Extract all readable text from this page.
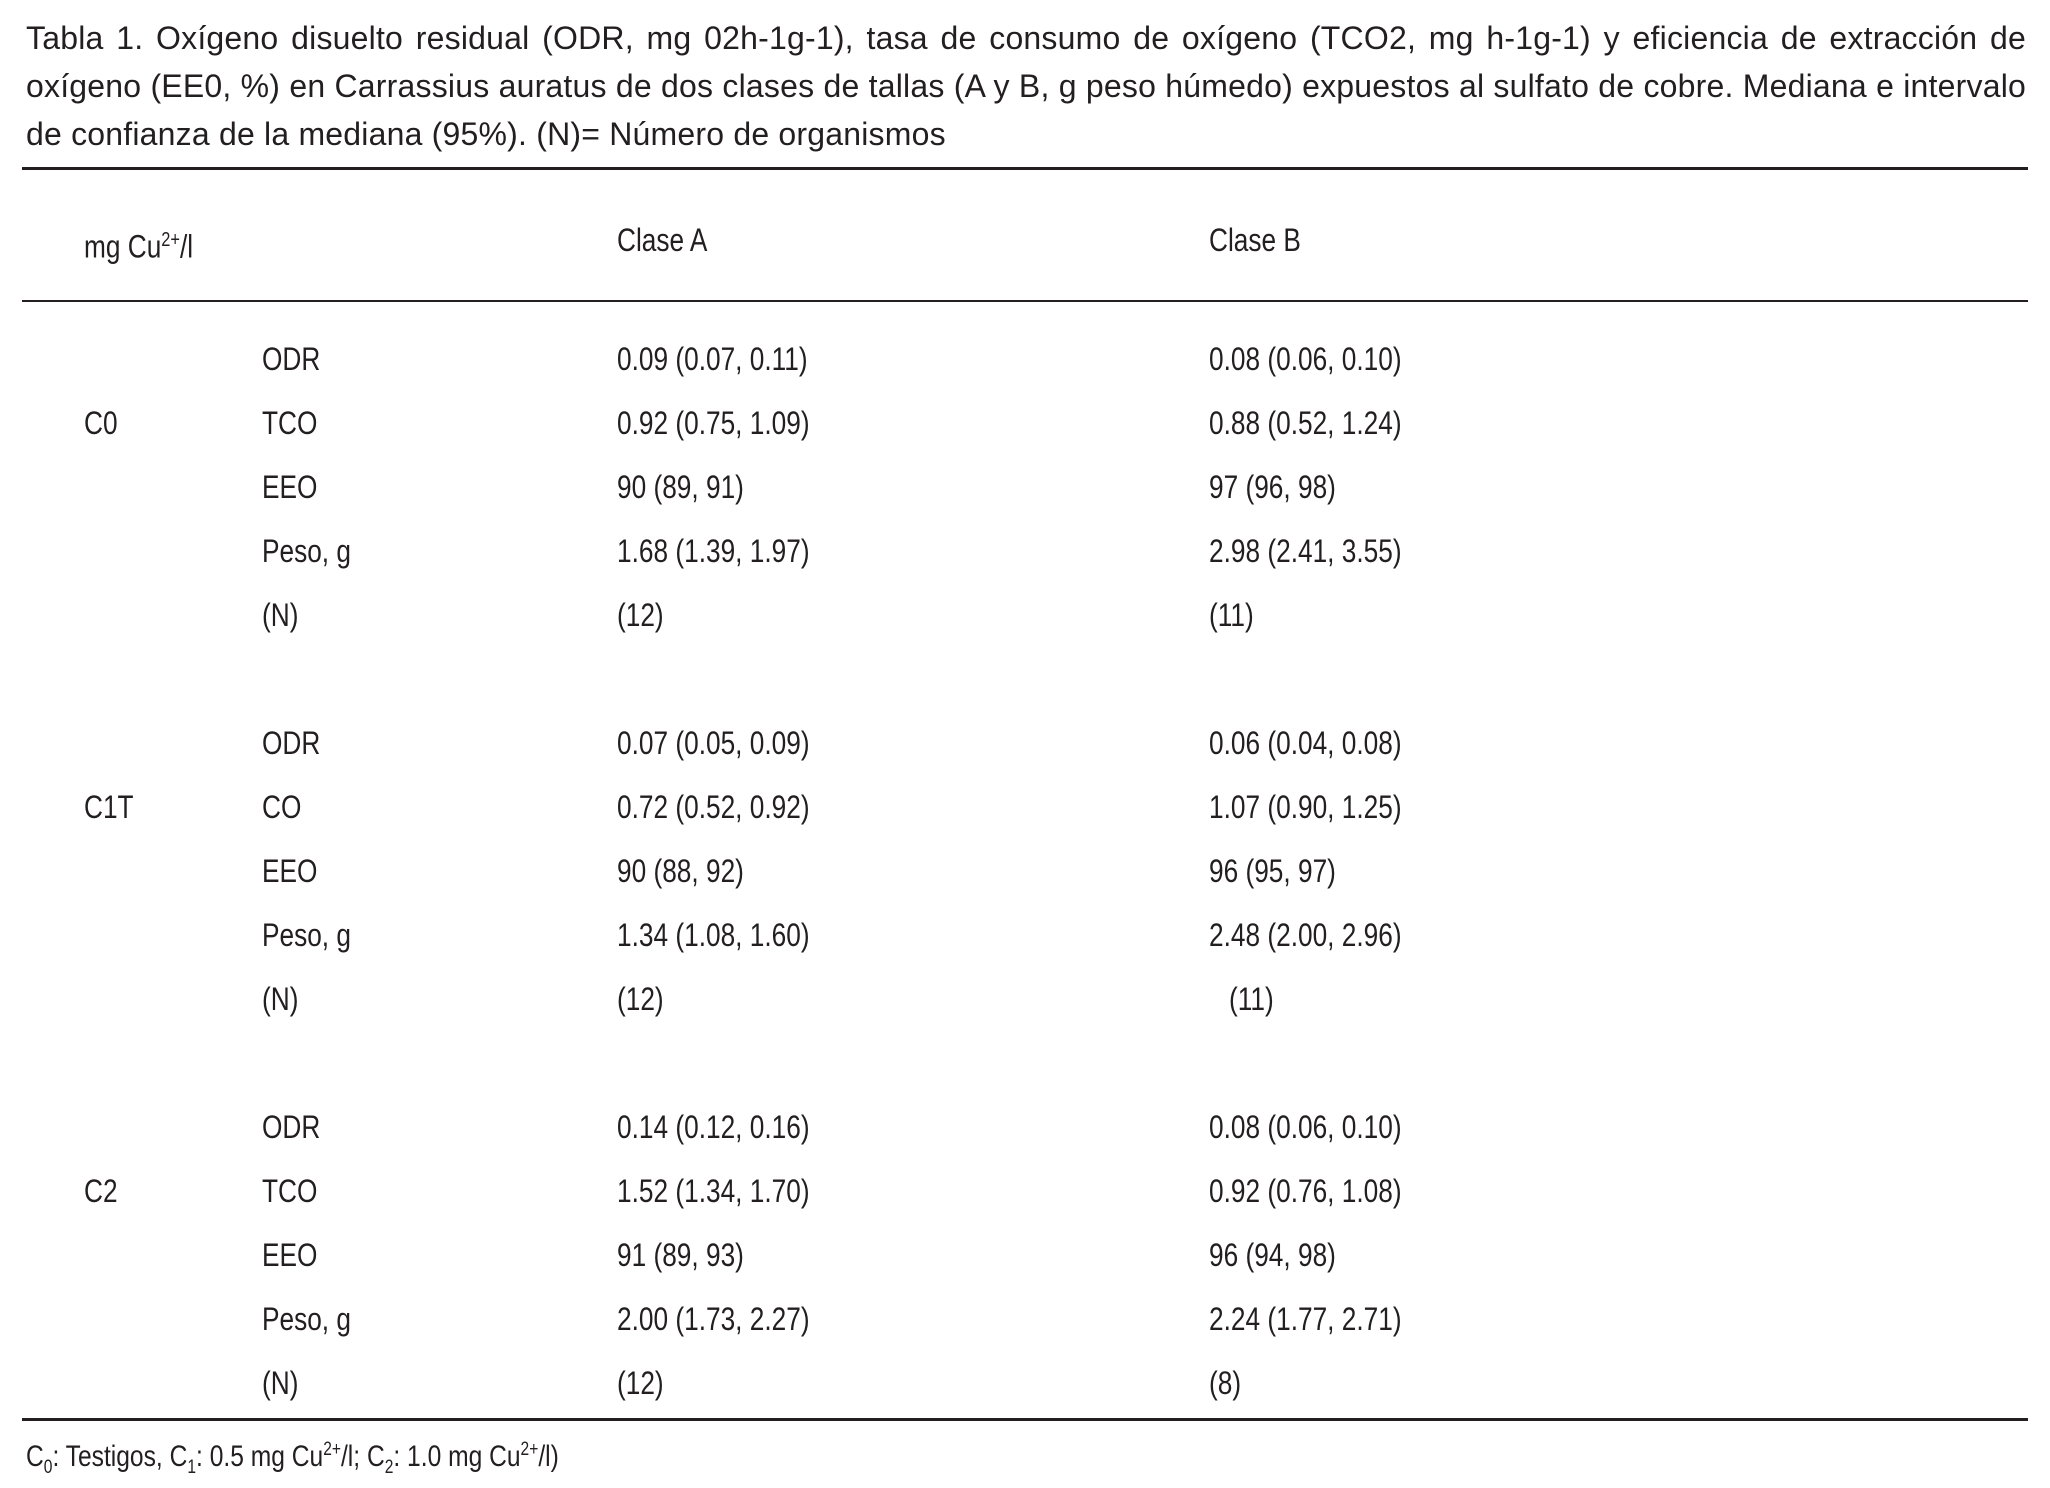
Tabla 1. Oxígeno disuelto residual (ODR, mg 02h-1g-1), tasa de consumo de oxígeno (TCO2, mg h-1g-1) y eficiencia de extracción de oxígeno (EE0, %) en Carrassius auratus de dos clases de tallas (A y B, g peso húmedo) expuestos al sulfato de cobre. Mediana e intervalo de confianza de la mediana (95%). (N)= Número de organismos
mg $Cu^{2+}/l$	Clase A	Clase B
C0
ODR	0.09 (0.07, 0.11)	0.08 (0.06, 0.10)
TCO	0.92 (0.75, 1.09)	0.88 (0.52, 1.24)
EEO	90 (89, 91)	97 (96, 98)
Peso, g	1.68 (1.39, 1.97)	2.98 (2.41, 3.55)
(N)	(12)	(11)
C1T
ODR	0.07 (0.05, 0.09)	0.06 (0.04, 0.08)
CO	0.72 (0.52, 0.92)	1.07 (0.90, 1.25)
EEO	90 (88, 92)	96 (95, 97)
Peso, g	1.34 (1.08, 1.60)	2.48 (2.00, 2.96)
(N)	(12)	(11)
C2
ODR	0.14 (0.12, 0.16)	0.08 (0.06, 0.10)
TCO	1.52 (1.34, 1.70)	0.92 (0.76, 1.08)
EEO	91 (89, 93)	96 (94, 98)
Peso, g	2.00 (1.73, 2.27)	2.24 (1.77, 2.71)
(N)	(12)	(8)
$C_0$: Testigos, $C_1$: 0.5 mg $Cu^{2+}/l$; $C_2$: 1.0 mg $Cu^{2+}/l$)
